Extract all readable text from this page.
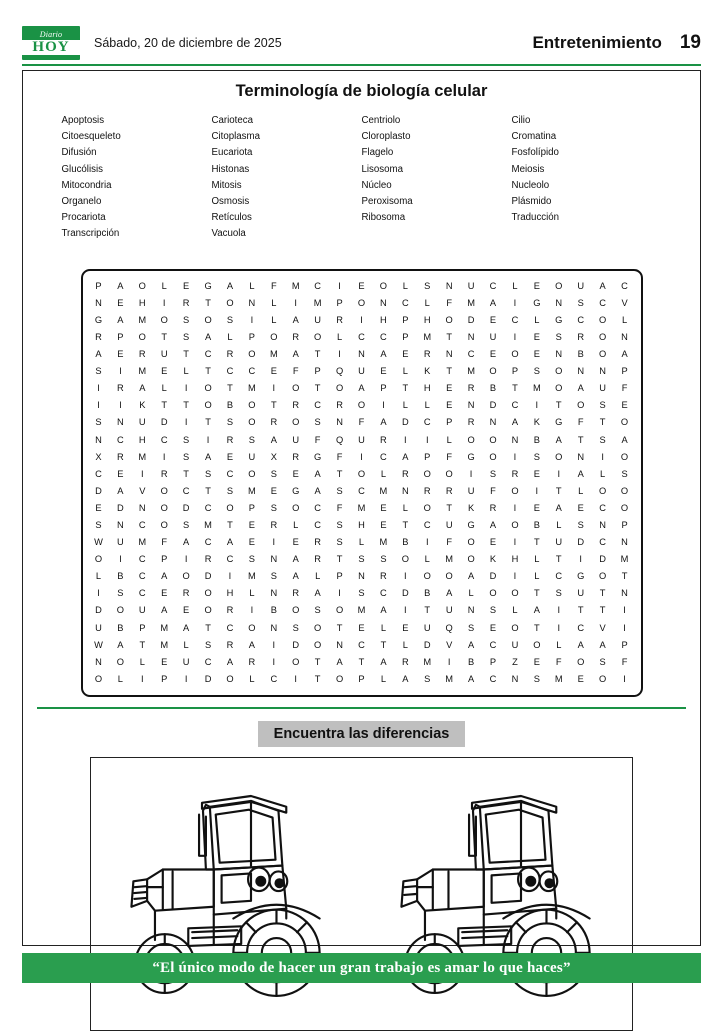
Diario
HOY	Sábado, 20 de diciembre de 2025	Entretenimiento 19
Terminología de biología celular
Apoptosis
Citoesqueleto
Difusión
Glucólisis
Mitocondria
Organelo
Procariota
Transcripción
Carioteca
Citoplasma
Eucariota
Histonas
Mitosis
Osmosis
Retículos
Vacuola
Centriolo
Cloroplasto
Flagelo
Lisosoma
Núcleo
Peroxisoma
Ribosoma
Cilio
Cromatina
Fosfolípido
Meiosis
Nucleolo
Plásmido
Traducción
P	A	O	L	E	G	A	L	F	M	C	I	E	O	L	S	N	U	C	L	E	O	U	A	C
N	E	H	I	R	T	O	N	L	I	M	P	O	N	C	L	F	M	A	I	G	N	S	C	V
G	A	M	O	S	O	S	I	L	A	U	R	I	H	P	H	O	D	E	C	L	G	C	O	L
R	P	O	T	S	A	L	P	O	R	O	L	C	C	P	M	T	N	U	I	E	S	R	O	N
A	E	R	U	T	C	R	O	M	A	T	I	N	A	E	R	N	C	E	O	E	N	B	O	A
S	I	M	E	L	T	C	C	E	F	P	Q	U	E	L	K	T	M	O	P	S	O	N	N	P
I	R	A	L	I	O	T	M	I	O	T	O	A	P	T	H	E	R	B	T	M	O	A	U	F
I	I	K	T	T	O	B	O	T	R	C	R	O	I	L	L	E	N	D	C	I	T	O	S	E
S	N	U	D	I	T	S	O	R	O	S	N	F	A	D	C	P	R	N	A	K	G	F	T	O
N	C	H	C	S	I	R	S	A	U	F	Q	U	R	I	I	L	O	O	N	B	A	T	S	A
X	R	M	I	S	A	E	U	X	R	G	F	I	C	A	P	F	G	O	I	S	O	N	I	O
C	E	I	R	T	S	C	O	S	E	A	T	O	L	R	O	O	I	S	R	E	I	A	L	S
D	A	V	O	C	T	S	M	E	G	A	S	C	M	N	R	R	U	F	O	I	T	L	O	O
E	D	N	O	D	C	O	P	S	O	C	F	M	E	L	O	T	K	R	I	E	A	E	C	O
S	N	C	O	S	M	T	E	R	L	C	S	H	E	T	C	U	G	A	O	B	L	S	N	P
W	U	M	F	A	C	A	E	I	E	R	S	L	M	B	I	F	O	E	I	T	U	D	C	N
O	I	C	P	I	R	C	S	N	A	R	T	S	S	O	L	M	O	K	H	L	T	I	D	M
L	B	C	A	O	D	I	M	S	A	L	P	N	R	I	O	O	A	D	I	L	C	G	O	T
I	S	C	E	R	O	H	L	N	R	A	I	S	C	D	B	A	L	O	O	T	S	U	T	N
D	O	U	A	E	O	R	I	B	O	S	O	M	A	I	T	U	N	S	L	A	I	T	T	I
U	B	P	M	A	T	C	O	N	S	O	T	E	L	E	U	Q	S	E	O	T	I	C	V	I
W	A	T	M	L	S	R	A	I	D	O	N	C	T	L	D	V	A	C	U	O	L	A	A	P
N	O	L	E	U	C	A	R	I	O	T	A	T	A	R	M	I	B	P	Z	E	F	O	S	F
O	L	I	P	I	D	O	L	C	I	T	O	P	L	A	S	M	A	C	N	S	M	E	O	I
Encuentra las diferencias
“El único modo de hacer un gran trabajo es amar lo que haces”
